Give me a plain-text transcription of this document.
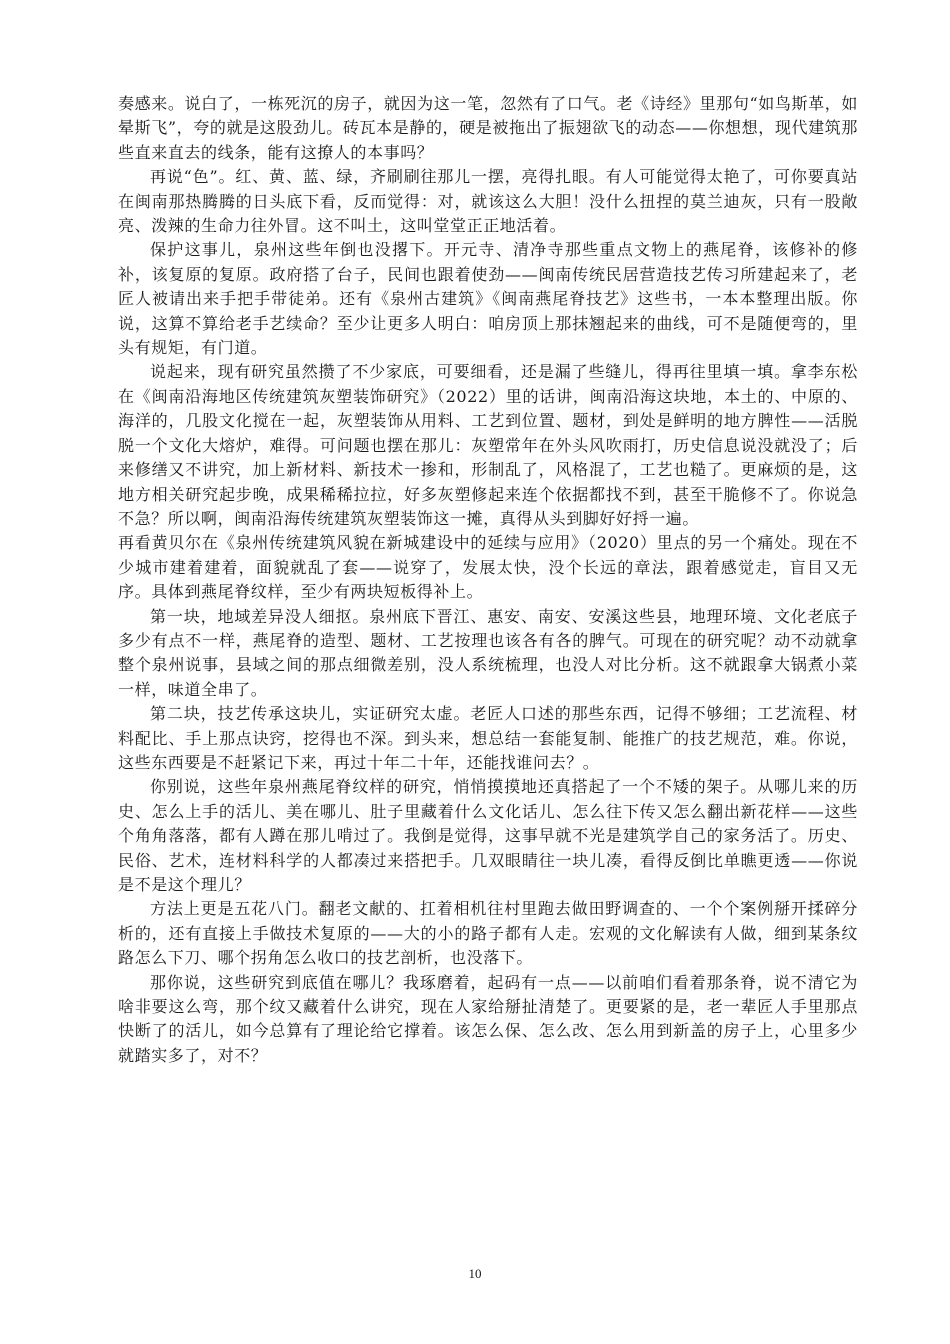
奏感来。说白了，一栋死沉的房子，就因为这一笔，忽然有了口气。老《诗经》里那句“如鸟斯革，如晕斯飞”，夸的就是这股劲儿。砖瓦本是静的，硬是被拖出了振翅欲飞的动态——你想想，现代建筑那些直来直去的线条，能有这撩人的本事吗？

再说“色”。红、黄、蓝、绿，齐刷刷往那儿一摆，亮得扎眼。有人可能觉得太艳了，可你要真站在闽南那热腾腾的日头底下看，反而觉得：对，就该这么大胆！没什么扭捏的莫兰迪灰，只有一股敞亮、泼辣的生命力往外冒。这不叫土，这叫堂堂正正地活着。

保护这事儿，泉州这些年倒也没撂下。开元寺、清净寺那些重点文物上的燕尾脊，该修补的修补，该复原的复原。政府搭了台子，民间也跟着使劲——闽南传统民居营造技艺传习所建起来了，老匠人被请出来手把手带徒弟。还有《泉州古建筑》《闽南燕尾脊技艺》这些书，一本本整理出版。你说，这算不算给老手艺续命？至少让更多人明白：咱房顶上那抹翘起来的曲线，可不是随便弯的，里头有规矩，有门道。

说起来，现有研究虽然攒了不少家底，可要细看，还是漏了些缝儿，得再往里填一填。拿李东松在《闽南沿海地区传统建筑灰塑装饰研究》（2022）里的话讲，闽南沿海这块地，本土的、中原的、海洋的，几股文化搅在一起，灰塑装饰从用料、工艺到位置、题材，到处是鲜明的地方脾性——活脱脱一个文化大熔炉，难得。可问题也摆在那儿：灰塑常年在外头风吹雨打，历史信息说没就没了；后来修缮又不讲究，加上新材料、新技术一掺和，形制乱了，风格混了，工艺也糙了。更麻烦的是，这地方相关研究起步晚，成果稀稀拉拉，好多灰塑修起来连个依据都找不到，甚至干脆修不了。你说急不急？所以啊，闽南沿海传统建筑灰塑装饰这一摊，真得从头到脚好好捋一遍。

再看黄贝尔在《泉州传统建筑风貌在新城建设中的延续与应用》（2020）里点的另一个痛处。现在不少城市建着建着，面貌就乱了套——说穿了，发展太快，没个长远的章法，跟着感觉走，盲目又无序。具体到燕尾脊纹样，至少有两块短板得补上。

第一块，地域差异没人细抠。泉州底下晋江、惠安、南安、安溪这些县，地理环境、文化老底子多少有点不一样，燕尾脊的造型、题材、工艺按理也该各有各的脾气。可现在的研究呢？动不动就拿整个泉州说事，县域之间的那点细微差别，没人系统梳理，也没人对比分析。这不就跟拿大锅煮小菜一样，味道全串了。

第二块，技艺传承这块儿，实证研究太虚。老匠人口述的那些东西，记得不够细；工艺流程、材料配比、手上那点诀窍，挖得也不深。到头来，想总结一套能复制、能推广的技艺规范，难。你说，这些东西要是不赶紧记下来，再过十年二十年，还能找谁问去？。

你别说，这些年泉州燕尾脊纹样的研究，悄悄摸摸地还真搭起了一个不矮的架子。从哪儿来的历史、怎么上手的活儿、美在哪儿、肚子里藏着什么文化话儿、怎么往下传又怎么翻出新花样——这些个角角落落，都有人蹲在那儿啃过了。我倒是觉得，这事早就不光是建筑学自己的家务活了。历史、民俗、艺术，连材料科学的人都凑过来搭把手。几双眼睛往一块儿凑，看得反倒比单瞧更透——你说是不是这个理儿？

方法上更是五花八门。翻老文献的、扛着相机往村里跑去做田野调查的、一个个案例掰开揉碎分析的，还有直接上手做技术复原的——大的小的路子都有人走。宏观的文化解读有人做，细到某条纹路怎么下刀、哪个拐角怎么收口的技艺剖析，也没落下。

那你说，这些研究到底值在哪儿？我琢磨着，起码有一点——以前咱们看着那条脊，说不清它为啥非要这么弯，那个纹又藏着什么讲究，现在人家给掰扯清楚了。更要紧的是，老一辈匠人手里那点快断了的活儿，如今总算有了理论给它撑着。该怎么保、怎么改、怎么用到新盖的房子上，心里多少就踏实多了，对不？

10
